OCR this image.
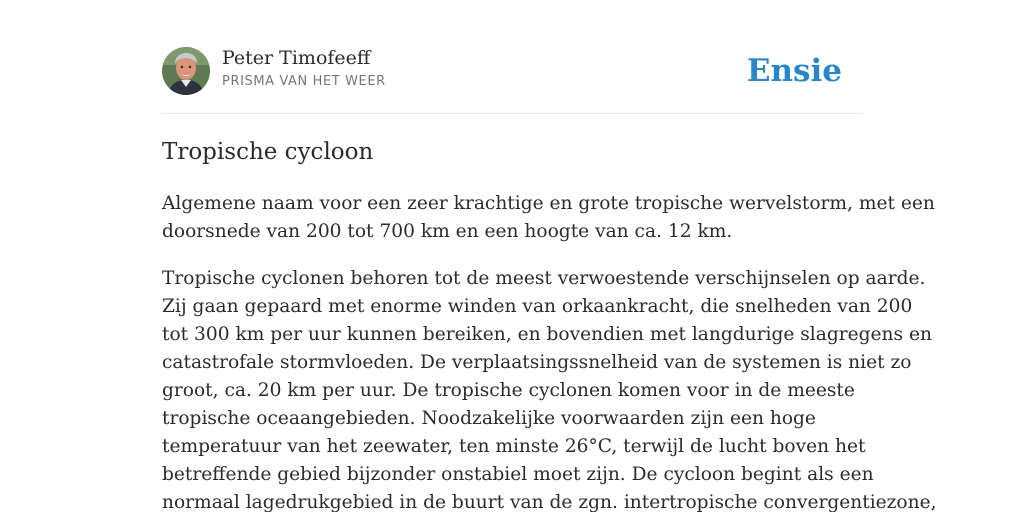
Peter Timofeeff
PRISMA VAN HET WEER	Ensie
Tropische cycloon

Algemene naam voor een zeer krachtige en grote tropische wervelstorm, met een
doorsnede van 200 tot 700 km en een hoogte van ca. 12 km.

Tropische cyclonen behoren tot de meest verwoestende verschijnselen op aarde.
Zij gaan gepaard met enorme winden van orkaankracht, die snelheden van 200
tot 300 km per uur kunnen bereiken, en bovendien met langdurige slagregens en
catastrofale stormvloeden. De verplaatsingssnelheid van de systemen is niet zo
groot, ca. 20 km per uur. De tropische cyclonen komen voor in de meeste
tropische oceaangebieden. Noodzakelijke voorwaarden zijn een hoge
temperatuur van het zeewater, ten minste 26°C, terwijl de lucht boven het
betreffende gebied bijzonder onstabiel moet zijn. De cycloon begint als een
normaal lagedrukgebied in de buurt van de zgn. intertropische convergentiezone,
